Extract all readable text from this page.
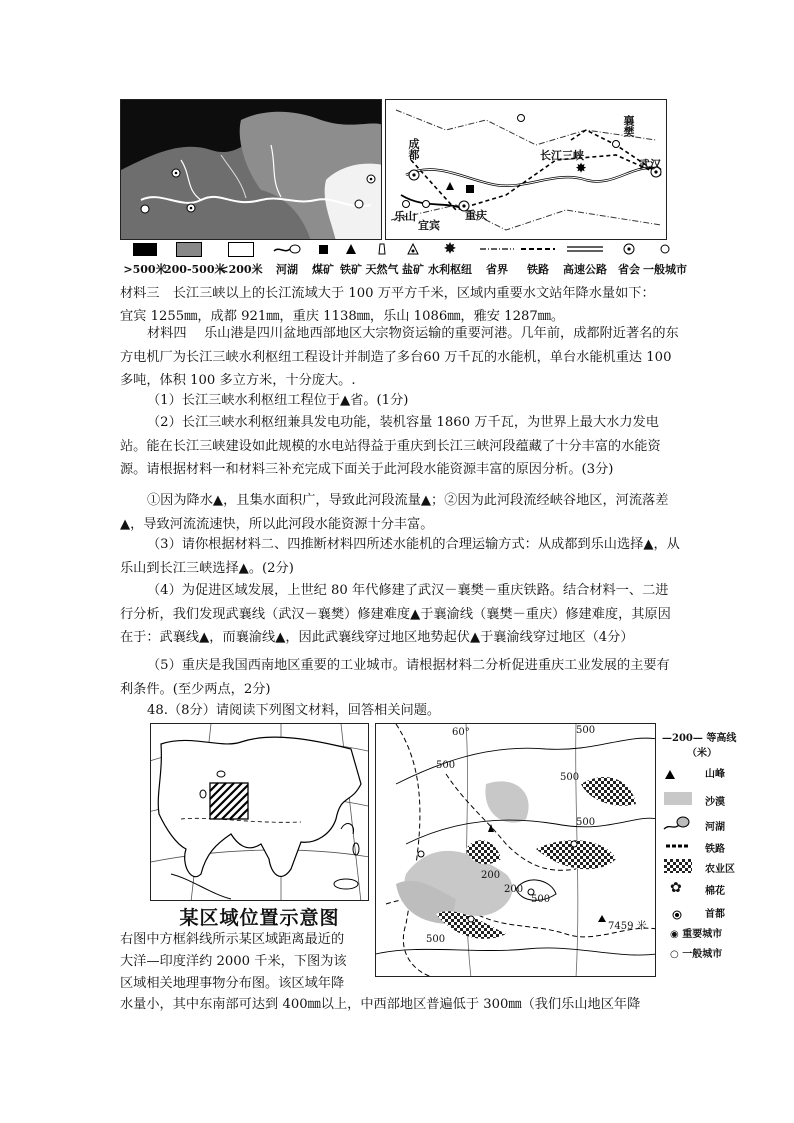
✸
成都
襄樊
长江三峡
武汉
乐山
宜宾
重庆
>500米
200-500米
<200米	河湖	煤矿 铁矿 天然气 盐矿
✸
水利枢纽	省界	铁路	高速公路	省会 一般城市
材料三　长江三峡以上的长江流域大于 100 万平方千米，区域内重要水文站年降水量如下：
宜宾 1255㎜，成都 921㎜，重庆 1138㎜，乐山 1086㎜，雅安 1287㎜。
材料四　 乐山港是四川盆地西部地区大宗物资运输的重要河港。几年前，成都附近著名的东方电机厂为长江三峡水利枢纽工程设计并制造了多台60 万千瓦的水能机，单台水能机重达 100 多吨，体积 100 多立方米，十分庞大。.
（1）长江三峡水利枢纽工程位于▲省。(1分)
（2）长江三峡水利枢纽兼具发电功能，装机容量 1860 万千瓦，为世界上最大水力发电站。能在长江三峡建设如此规模的水电站得益于重庆到长江三峡河段蕴藏了十分丰富的水能资源。请根据材料一和材料三补充完成下面关于此河段水能资源丰富的原因分析。(3分)
①因为降水▲，且集水面积广，导致此河段流量▲；②因为此河段流经峡谷地区，河流落差▲，导致河流流速快，所以此河段水能资源十分丰富。
（3）请你根据材料二、四推断材料四所述水能机的合理运输方式：从成都到乐山选择▲，从乐山到长江三峡选择▲。(2分)
（4）为促进区域发展，上世纪 80 年代修建了武汉－襄樊－重庆铁路。结合材料一、二进行分析，我们发现武襄线（武汉－襄樊）修建难度▲于襄渝线（襄樊－重庆）修建难度，其原因在于：武襄线▲，而襄渝线▲，因此武襄线穿过地区地势起伏▲于襄渝线穿过地区（4分）
（5）重庆是我国西南地区重要的工业城市。请根据材料二分析促进重庆工业发展的主要有利条件。(至少两点，2分)
48.（8分）请阅读下列图文材料，回答相关问题。
某区域位置示意图
右图中方框斜线所示某区域距离最近的
大洋—印度洋约 2000 千米，下图为该
区域相关地理事物分布图。该区域年降
水量小，其中东南部可达到 400㎜以上，中西部地区普遍低于 300㎜（我们乐山地区年降
60°	500
500
500
500
500
500
200
200
7459 米
—200— 等高线
（米）
山峰
沙漠
河湖
铁路
农业区
✿ 棉花
首都
◉ 重要城市
○ 一般城市
